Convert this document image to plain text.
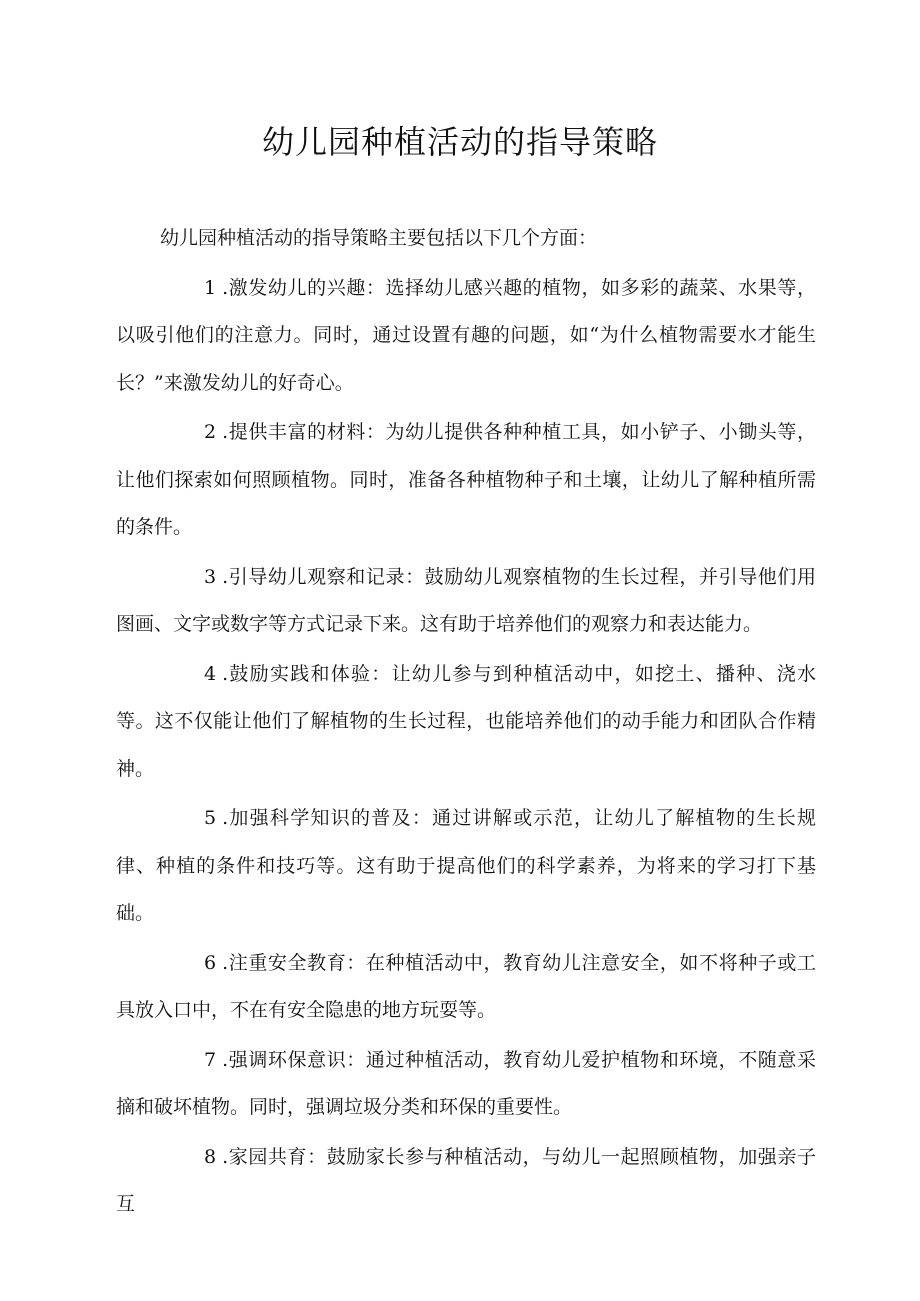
幼儿园种植活动的指导策略

幼儿园种植活动的指导策略主要包括以下几个方面：

1 .激发幼儿的兴趣：选择幼儿感兴趣的植物，如多彩的蔬菜、水果等，以吸引他们的注意力。同时，通过设置有趣的问题，如“为什么植物需要水才能生长？”来激发幼儿的好奇心。

2 .提供丰富的材料：为幼儿提供各种种植工具，如小铲子、小锄头等，让他们探索如何照顾植物。同时，准备各种植物种子和土壤，让幼儿了解种植所需的条件。

3 .引导幼儿观察和记录：鼓励幼儿观察植物的生长过程，并引导他们用图画、文字或数字等方式记录下来。这有助于培养他们的观察力和表达能力。

4 .鼓励实践和体验：让幼儿参与到种植活动中，如挖土、播种、浇水等。这不仅能让他们了解植物的生长过程，也能培养他们的动手能力和团队合作精神。

5 .加强科学知识的普及：通过讲解或示范，让幼儿了解植物的生长规律、种植的条件和技巧等。这有助于提高他们的科学素养，为将来的学习打下基础。

6 .注重安全教育：在种植活动中，教育幼儿注意安全，如不将种子或工具放入口中，不在有安全隐患的地方玩耍等。

7 .强调环保意识：通过种植活动，教育幼儿爱护植物和环境，不随意采摘和破坏植物。同时，强调垃圾分类和环保的重要性。

8 .家园共育：鼓励家长参与种植活动，与幼儿一起照顾植物，加强亲子互
